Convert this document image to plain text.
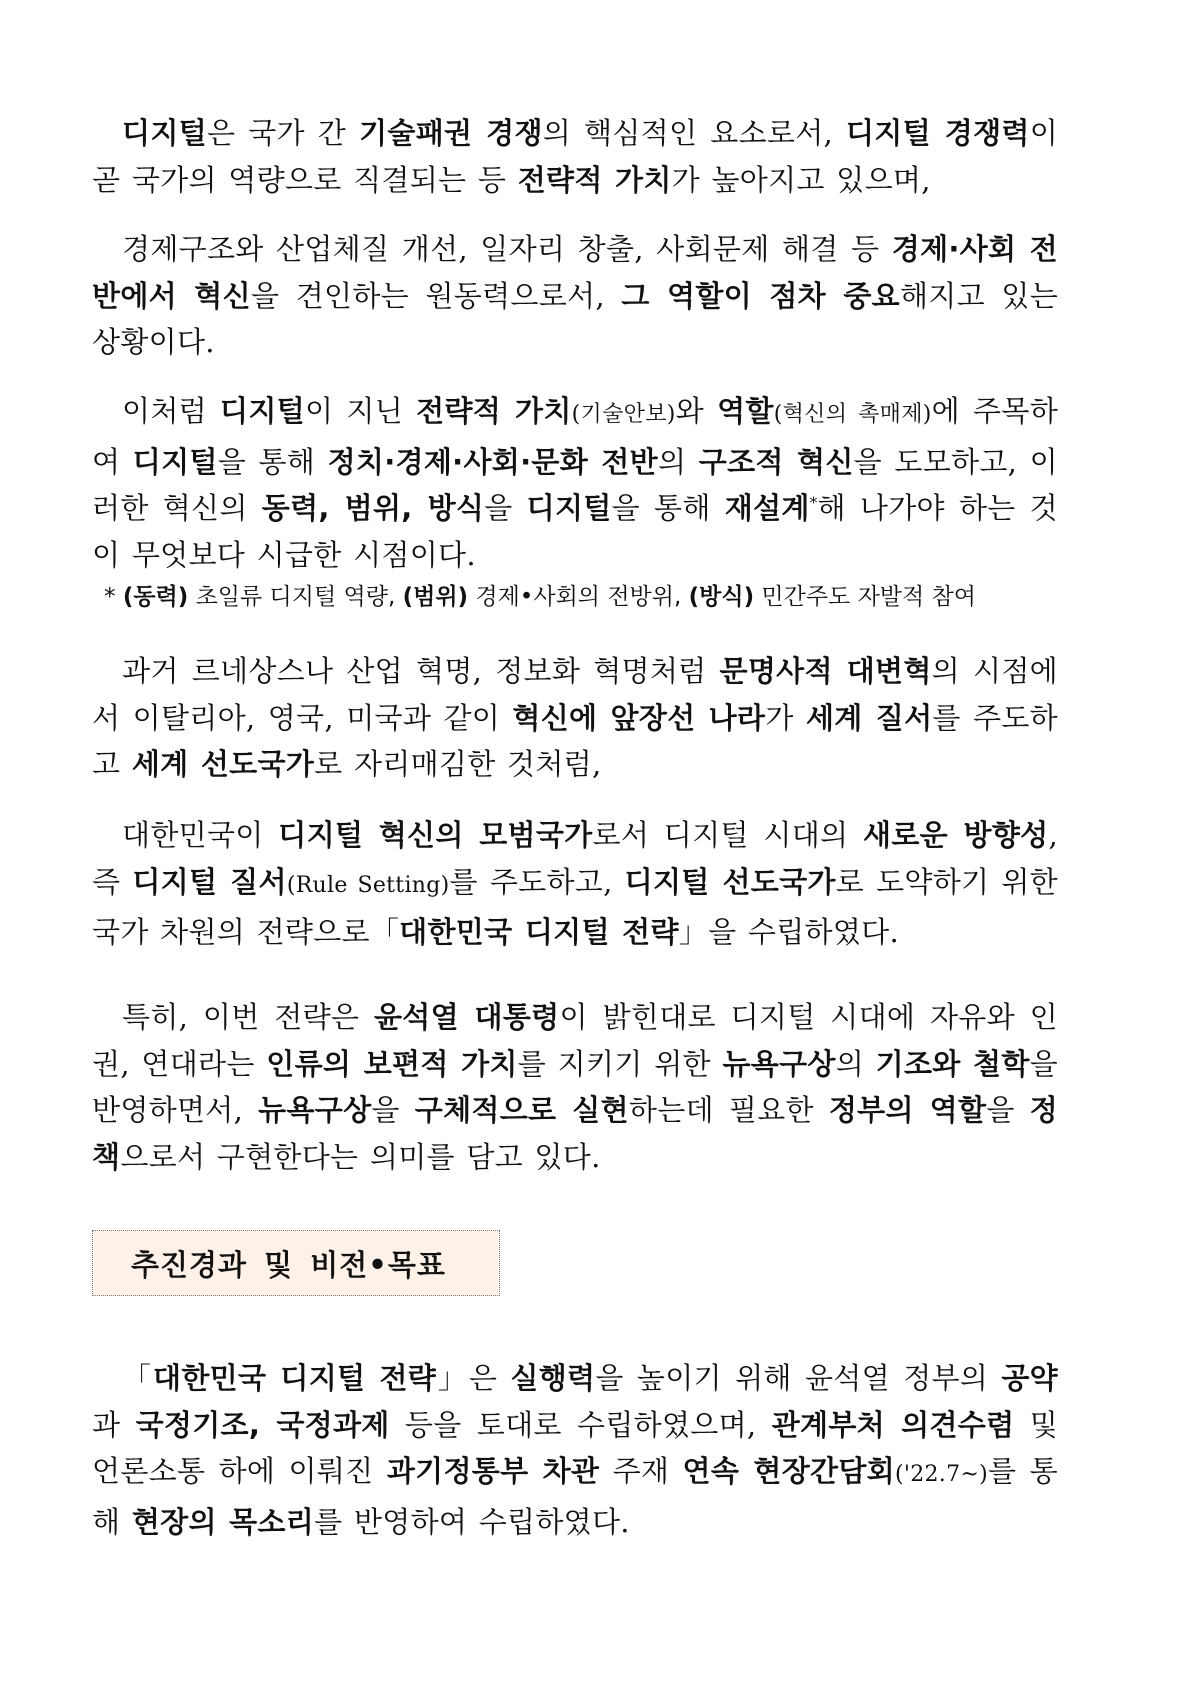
디지털은 국가 간 기술패권 경쟁의 핵심적인 요소로서, 디지털 경쟁력이 곧 국가의 역량으로 직결되는 등 전략적 가치가 높아지고 있으며,

경제구조와 산업체질 개선, 일자리 창출, 사회문제 해결 등 경제·사회 전반에서 혁신을 견인하는 원동력으로서, 그 역할이 점차 중요해지고 있는 상황이다.

이처럼 디지털이 지닌 전략적 가치(기술안보)와 역할(혁신의 촉매제)에 주목하여 디지털을 통해 정치·경제·사회·문화 전반의 구조적 혁신을 도모하고, 이러한 혁신의 동력, 범위, 방식을 디지털을 통해 재설계*해 나가야 하는 것이 무엇보다 시급한 시점이다.

* (동력) 초일류 디지털 역량, (범위) 경제•사회의 전방위, (방식) 민간주도 자발적 참여

과거 르네상스나 산업 혁명, 정보화 혁명처럼 문명사적 대변혁의 시점에서 이탈리아, 영국, 미국과 같이 혁신에 앞장선 나라가 세계 질서를 주도하고 세계 선도국가로 자리매김한 것처럼,

대한민국이 디지털 혁신의 모범국가로서 디지털 시대의 새로운 방향성, 즉 디지털 질서(Rule Setting)를 주도하고, 디지털 선도국가로 도약하기 위한 국가 차원의 전략으로「대한민국 디지털 전략」을 수립하였다.

특히, 이번 전략은 윤석열 대통령이 밝힌대로 디지털 시대에 자유와 인권, 연대라는 인류의 보편적 가치를 지키기 위한 뉴욕구상의 기조와 철학을 반영하면서, 뉴욕구상을 구체적으로 실현하는데 필요한 정부의 역할을 정책으로서 구현한다는 의미를 담고 있다.

추진경과 및 비전•목표

「대한민국 디지털 전략」은 실행력을 높이기 위해 윤석열 정부의 공약과 국정기조, 국정과제 등을 토대로 수립하였으며, 관계부처 의견수렴 및 언론소통 하에 이뤄진 과기정통부 차관 주재 연속 현장간담회('22.7~)를 통해 현장의 목소리를 반영하여 수립하였다.
